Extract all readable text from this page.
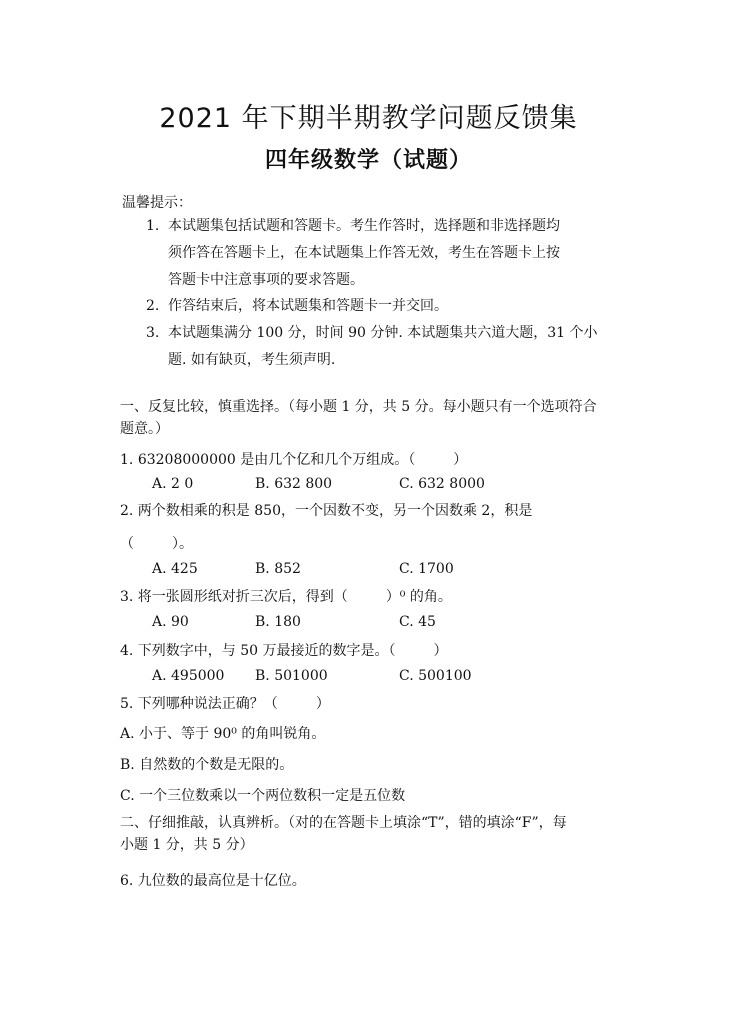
2021 年下期半期教学问题反馈集
四年级数学（试题）
温馨提示：
1. 本试题集包括试题和答题卡。考生作答时，选择题和非选择题均
须作答在答题卡上，在本试题集上作答无效，考生在答题卡上按
答题卡中注意事项的要求答题。
2. 作答结束后，将本试题集和答题卡一并交回。
3. 本试题集满分 100 分，时间 90 分钟. 本试题集共六道大题，31 个小
题. 如有缺页，考生须声明.
一、反复比较，慎重选择。（每小题 1 分，共 5 分。每小题只有一个选项符合
题意。）
1. 63208000000 是由几个亿和几个万组成。（	）
A. 2 0	B. 632 800	C. 632 8000
2. 两个数相乘的积是 850，一个因数不变，另一个因数乘 2，积是
（	）。
A. 425	B. 852	C. 1700
3. 将一张圆形纸对折三次后，得到（	）⁰ 的角。
A. 90	B. 180	C. 45
4. 下列数字中，与 50 万最接近的数字是。（	）
A. 495000 B. 501000	C. 500100
5. 下列哪种说法正确？（	）
A. 小于、等于 90⁰ 的角叫锐角。
B. 自然数的个数是无限的。
C. 一个三位数乘以一个两位数积一定是五位数
二、仔细推敲，认真辨析。（对的在答题卡上填涂“T”，错的填涂“F”，每
小题 1 分，共 5 分）
6. 九位数的最高位是十亿位。
